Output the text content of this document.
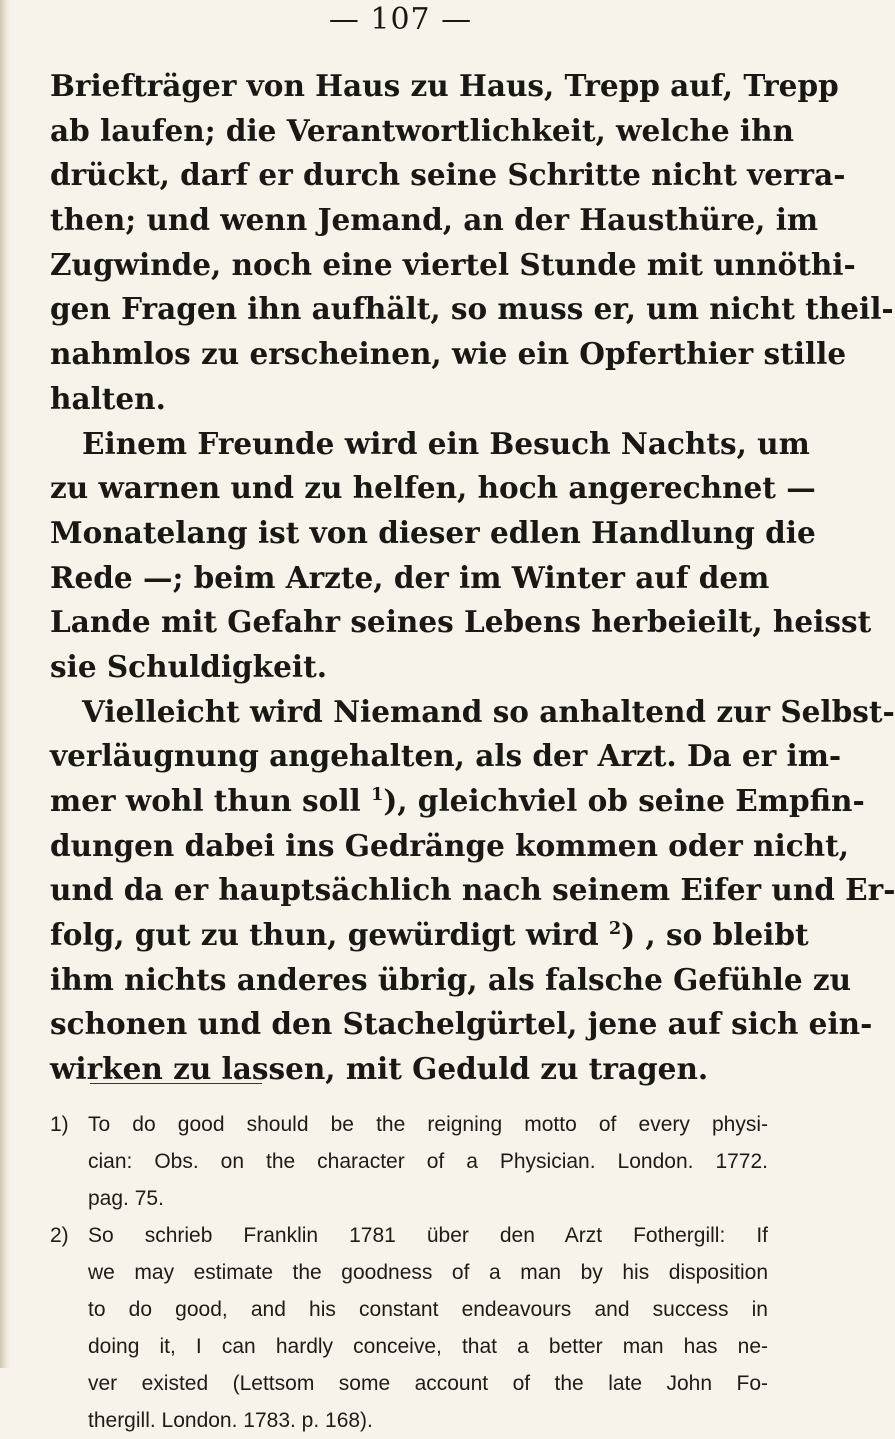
— 107 —
Briefträger von Haus zu Haus, Trepp auf, Trepp
ab laufen; die Verantwortlichkeit, welche ihn
drückt, darf er durch seine Schritte nicht verra-
then; und wenn Jemand, an der Hausthüre, im
Zugwinde, noch eine viertel Stunde mit unnöthi-
gen Fragen ihn aufhält, so muss er, um nicht theil-
nahmlos zu erscheinen, wie ein Opferthier stille
halten.
Einem Freunde wird ein Besuch Nachts, um
zu warnen und zu helfen, hoch angerechnet —
Monatelang ist von dieser edlen Handlung die
Rede —; beim Arzte, der im Winter auf dem
Lande mit Gefahr seines Lebens herbeieilt, heisst
sie Schuldigkeit.
Vielleicht wird Niemand so anhaltend zur Selbst-
verläugnung angehalten, als der Arzt. Da er im-
mer wohl thun soll $^1$), gleichviel ob seine Empfin-
dungen dabei ins Gedränge kommen oder nicht,
und da er hauptsächlich nach seinem Eifer und Er-
folg, gut zu thun, gewürdigt wird $^2$) , so bleibt
ihm nichts anderes übrig, als falsche Gefühle zu
schonen und den Stachelgürtel, jene auf sich ein-
wirken zu lassen, mit Geduld zu tragen.
1) To do good should be the reigning motto of every physi-
cian: Obs. on the character of a Physician. London. 1772.
pag. 75.
2) So schrieb Franklin 1781 über den Arzt Fothergill: If
we may estimate the goodness of a man by his disposition
to do good, and his constant endeavours and success in
doing it, I can hardly conceive, that a better man has ne-
ver existed (Lettsom some account of the late John Fo-
thergill. London. 1783. p. 168).
